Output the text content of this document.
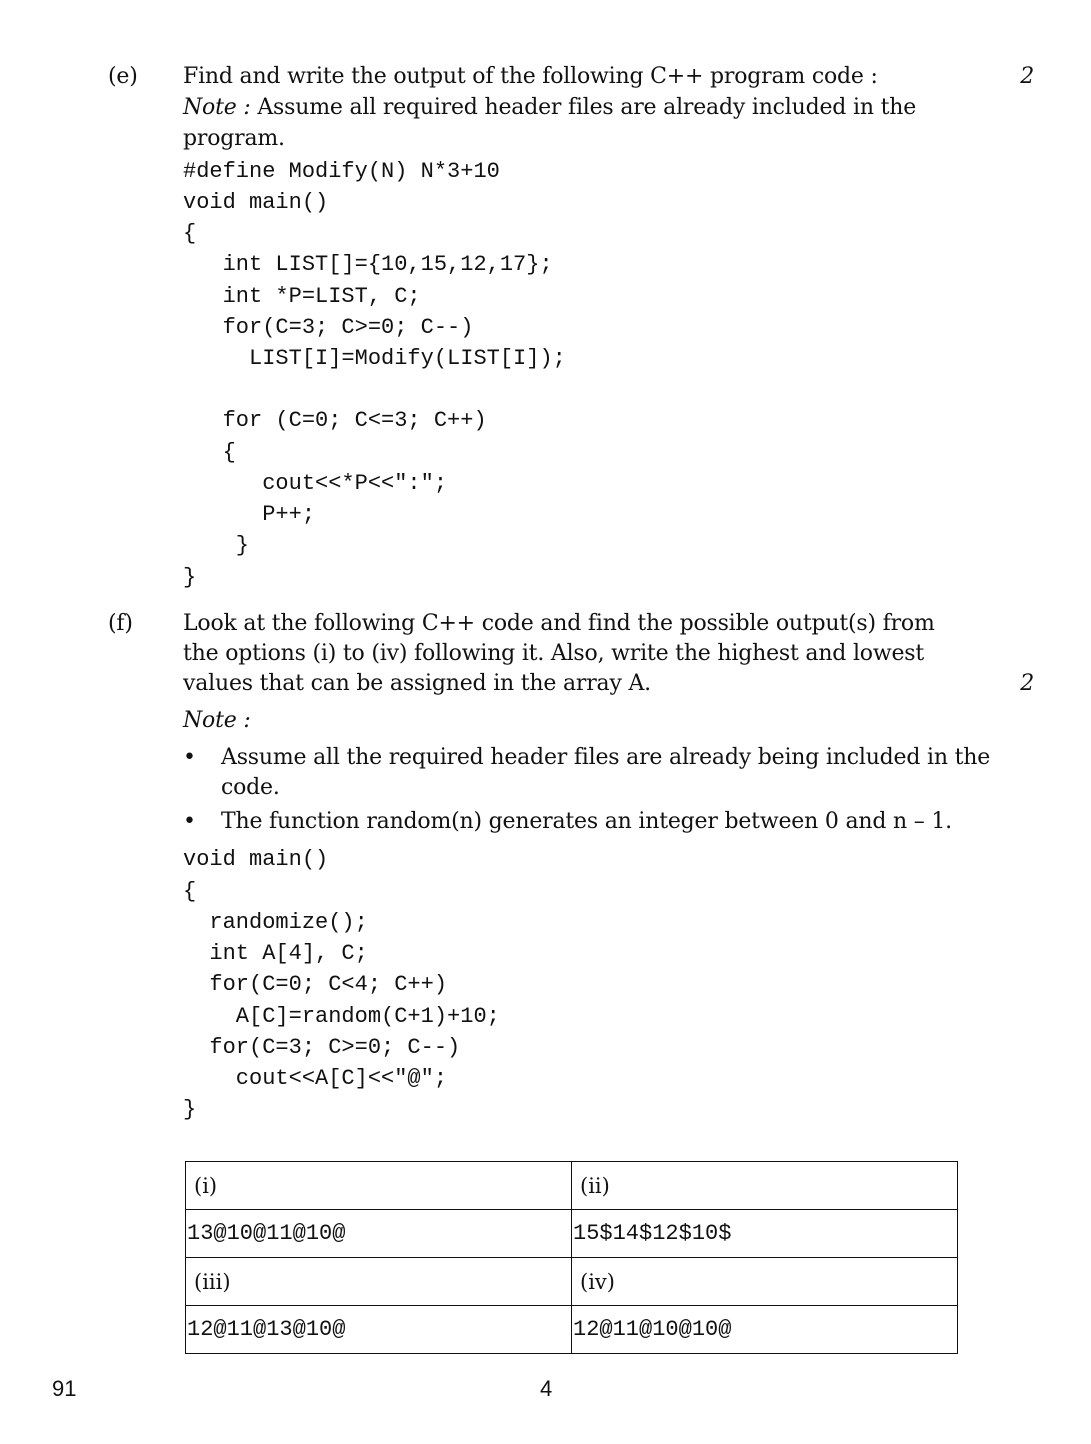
(e)	2
Find and write the output of the following C++ program code :
Note : Assume all required header files are already included in the
program.
#define Modify(N) N*3+10
void main()
{
int LIST[]={10,15,12,17};
int *P=LIST, C;
for(C=3; C>=0; C--)
LIST[I]=Modify(LIST[I]);
for (C=0; C<=3; C++)
{
cout<<*P<<":";
P++;
}
}
(f) Look at the following C++ code and find the possible output(s) from
the options (i) to (iv) following it. Also, write the highest and lowest
values that can be assigned in the array A.	2
Note :
•	Assume all the required header files are already being included in the code.
•	The function random(n) generates an integer between 0 and n – 1.
void main()
{
randomize();
int A[4], C;
for(C=0; C<4; C++)
A[C]=random(C+1)+10;
for(C=3; C>=0; C--)
cout<<A[C]<<"@";
}
(i)	(ii)
13@10@11@10@	15$14$12$10$
(iii)	(iv)
12@11@13@10@	12@11@10@10@
91	4
